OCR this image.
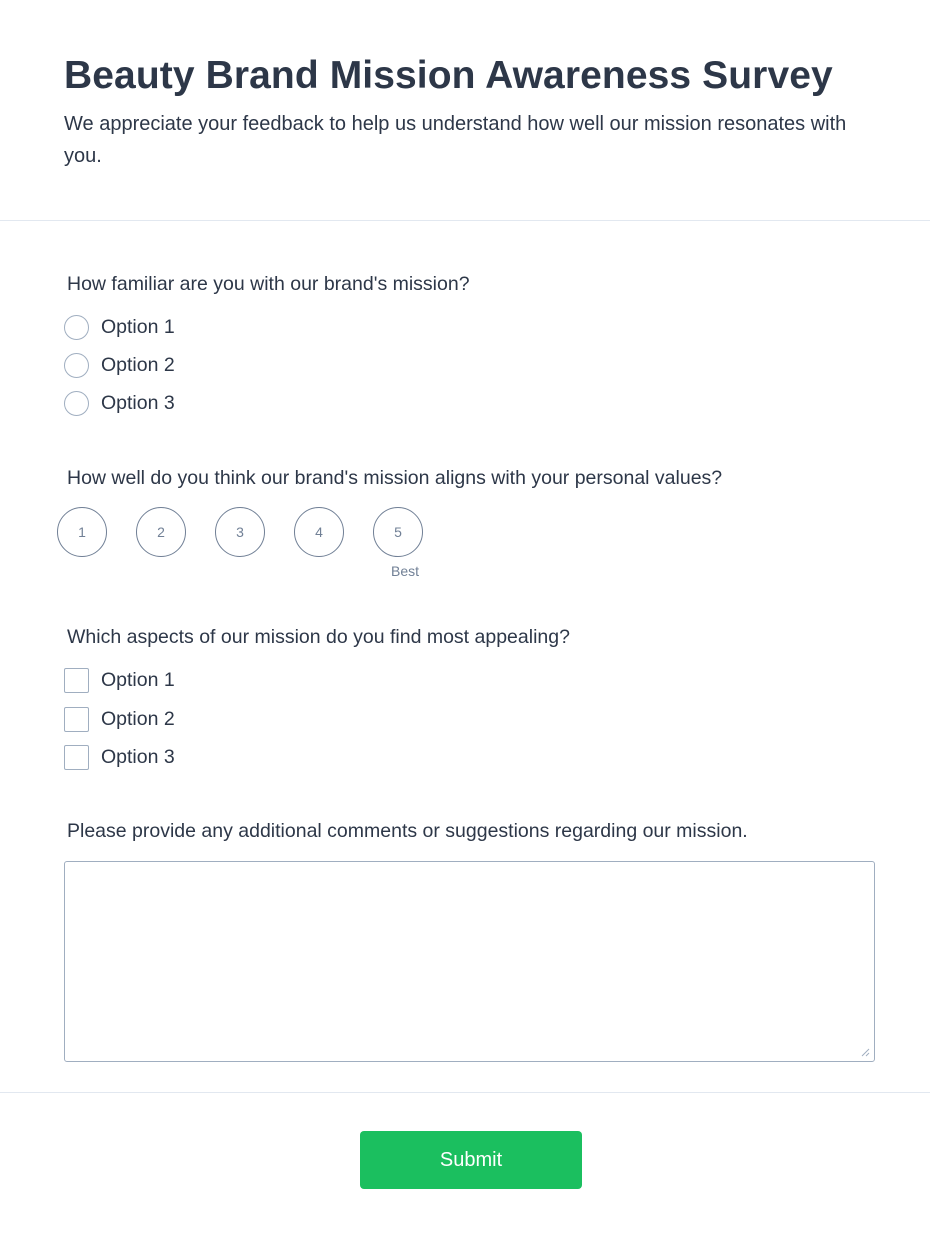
Beauty Brand Mission Awareness Survey

We appreciate your feedback to help us understand how well our mission resonates with you.

How familiar are you with our brand's mission?
Option 1
Option 2
Option 3
How well do you think our brand's mission aligns with your personal values?
1	2	3	4	5
Best
Which aspects of our mission do you find most appealing?
Option 1
Option 2
Option 3
Please provide any additional comments or suggestions regarding our mission.
Submit
